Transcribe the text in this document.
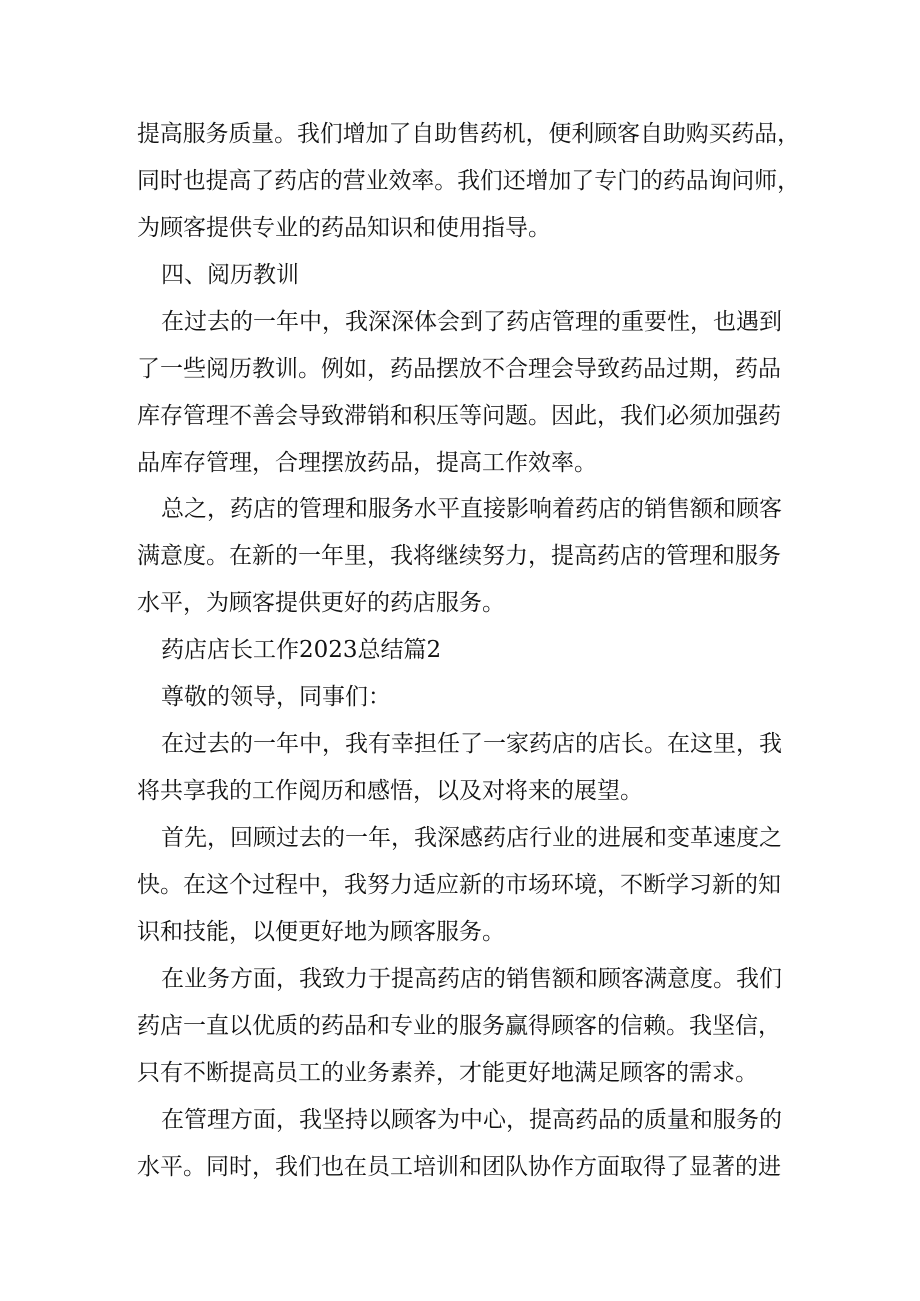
提高服务质量。我们增加了自助售药机，便利顾客自助购买药品，
同时也提高了药店的营业效率。我们还增加了专门的药品询问师，
为顾客提供专业的药品知识和使用指导。
四、阅历教训
在过去的一年中，我深深体会到了药店管理的重要性，也遇到
了一些阅历教训。例如，药品摆放不合理会导致药品过期，药品
库存管理不善会导致滞销和积压等问题。因此，我们必须加强药
品库存管理，合理摆放药品，提高工作效率。
总之，药店的管理和服务水平直接影响着药店的销售额和顾客
满意度。在新的一年里，我将继续努力，提高药店的管理和服务
水平，为顾客提供更好的药店服务。
药店店长工作2023总结篇2
尊敬的领导，同事们：
在过去的一年中，我有幸担任了一家药店的店长。在这里，我
将共享我的工作阅历和感悟，以及对将来的展望。
首先，回顾过去的一年，我深感药店行业的进展和变革速度之
快。在这个过程中，我努力适应新的市场环境，不断学习新的知
识和技能，以便更好地为顾客服务。
在业务方面，我致力于提高药店的销售额和顾客满意度。我们
药店一直以优质的药品和专业的服务赢得顾客的信赖。我坚信，
只有不断提高员工的业务素养，才能更好地满足顾客的需求。
在管理方面，我坚持以顾客为中心，提高药品的质量和服务的
水平。同时，我们也在员工培训和团队协作方面取得了显著的进
